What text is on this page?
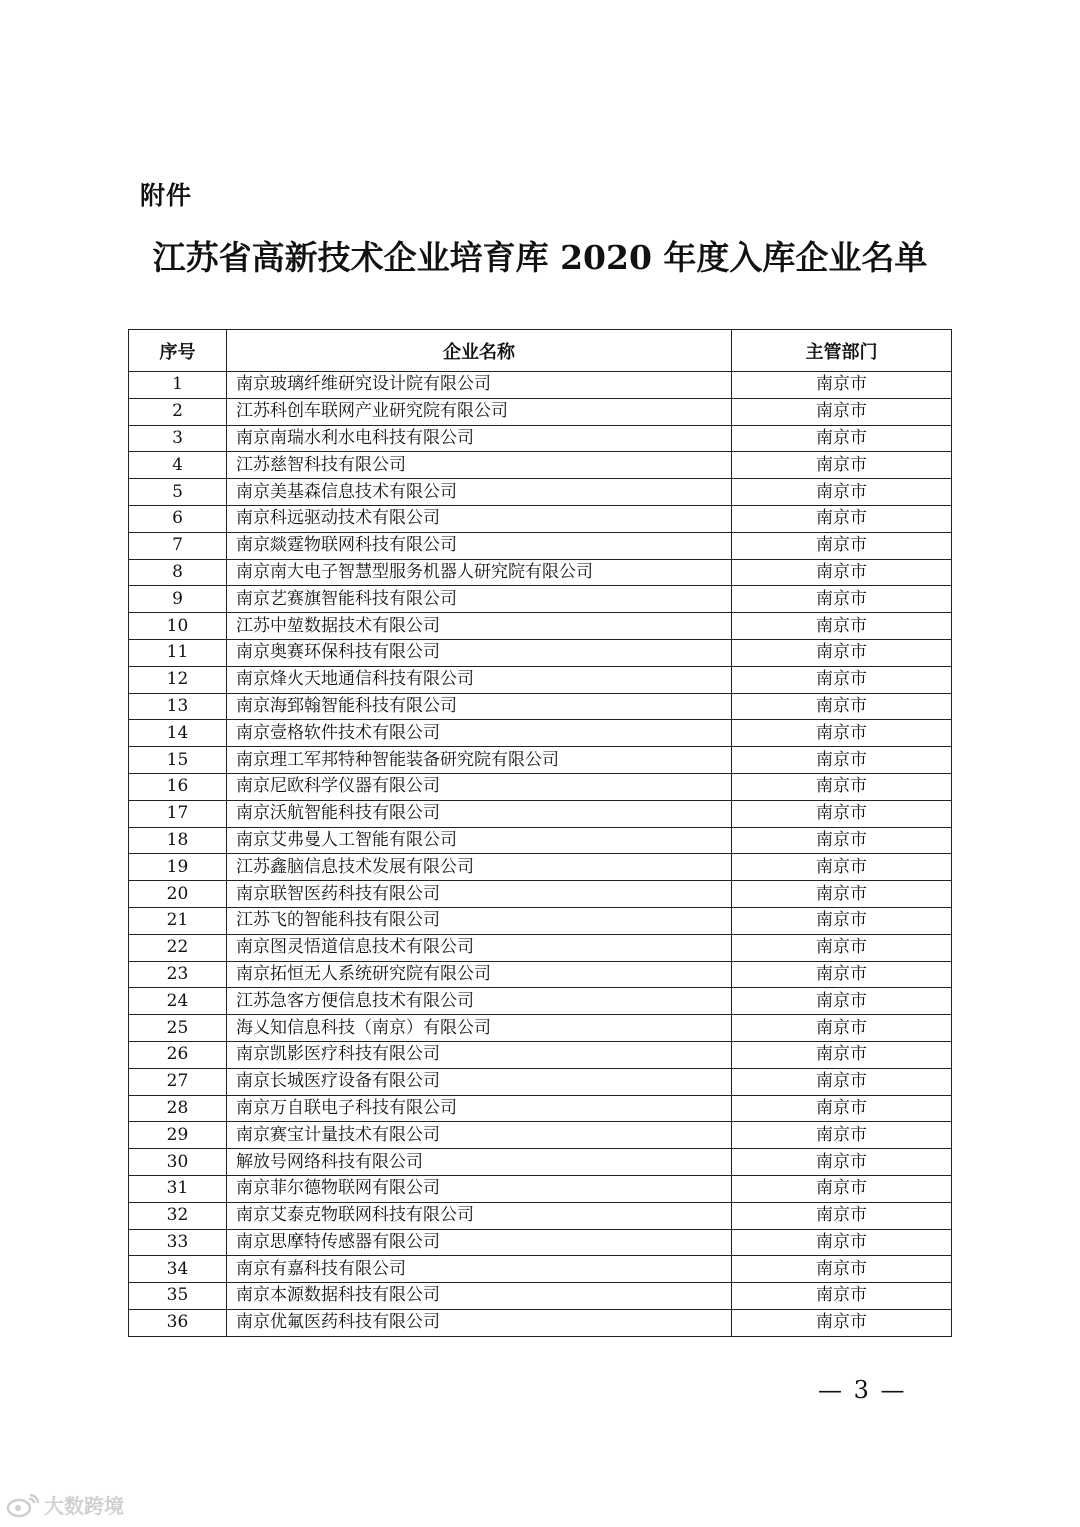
附件
江苏省高新技术企业培育库 2020 年度入库企业名单
序号	企业名称	主管部门
1	南京玻璃纤维研究设计院有限公司	南京市
2	江苏科创车联网产业研究院有限公司	南京市
3	南京南瑞水利水电科技有限公司	南京市
4	江苏慈智科技有限公司	南京市
5	南京美基森信息技术有限公司	南京市
6	南京科远驱动技术有限公司	南京市
7	南京燚霆物联网科技有限公司	南京市
8	南京南大电子智慧型服务机器人研究院有限公司	南京市
9	南京艺赛旗智能科技有限公司	南京市
10	江苏中堃数据技术有限公司	南京市
11	南京奥赛环保科技有限公司	南京市
12	南京烽火天地通信科技有限公司	南京市
13	南京海郅翰智能科技有限公司	南京市
14	南京壹格软件技术有限公司	南京市
15	南京理工军邦特种智能装备研究院有限公司	南京市
16	南京尼欧科学仪器有限公司	南京市
17	南京沃航智能科技有限公司	南京市
18	南京艾弗曼人工智能有限公司	南京市
19	江苏鑫脑信息技术发展有限公司	南京市
20	南京联智医药科技有限公司	南京市
21	江苏飞的智能科技有限公司	南京市
22	南京图灵悟道信息技术有限公司	南京市
23	南京拓恒无人系统研究院有限公司	南京市
24	江苏急客方便信息技术有限公司	南京市
25	海乂知信息科技（南京）有限公司	南京市
26	南京凯影医疗科技有限公司	南京市
27	南京长城医疗设备有限公司	南京市
28	南京万自联电子科技有限公司	南京市
29	南京赛宝计量技术有限公司	南京市
30	解放号网络科技有限公司	南京市
31	南京菲尔德物联网有限公司	南京市
32	南京艾泰克物联网科技有限公司	南京市
33	南京思摩特传感器有限公司	南京市
34	南京有嘉科技有限公司	南京市
35	南京本源数据科技有限公司	南京市
36	南京优氟医药科技有限公司	南京市
— 3 —
大数跨境
